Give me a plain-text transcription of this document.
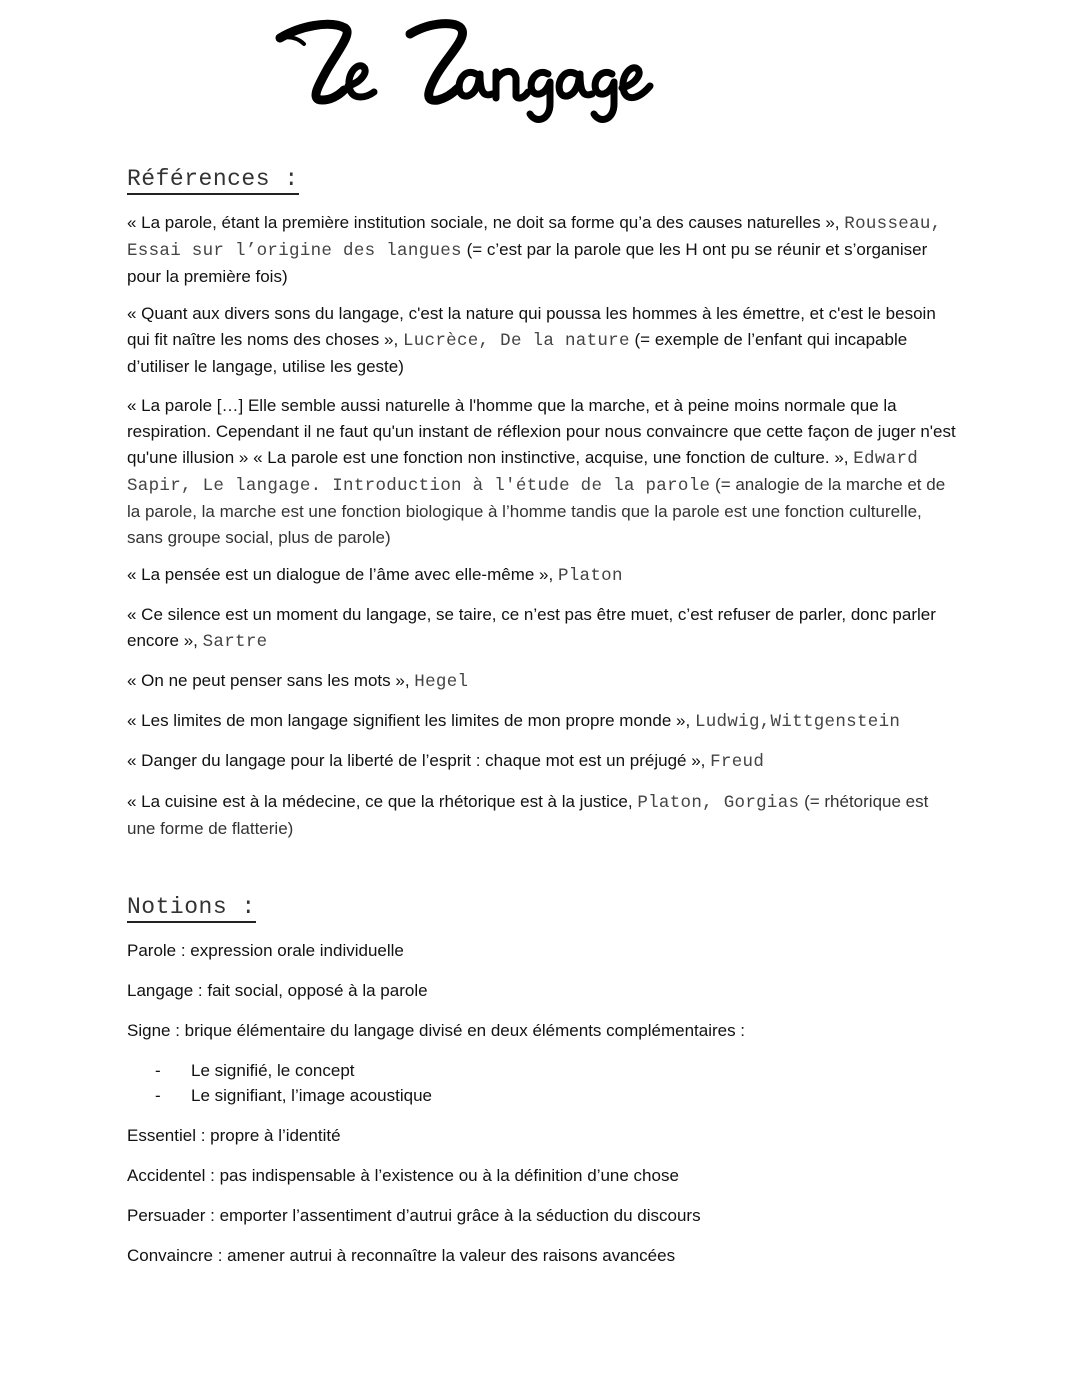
Références :

« La parole, étant la première institution sociale, ne doit sa forme qu’a des causes naturelles », Rousseau, Essai sur l’origine des langues (= c’est par la parole que les H ont pu se réunir et s’organiser pour la première fois)

« Quant aux divers sons du langage, c'est la nature qui poussa les hommes à les émettre, et c'est le besoin qui fit naître les noms des choses », Lucrèce, De la nature (= exemple de l’enfant qui incapable d’utiliser le langage, utilise les geste)

« La parole […] Elle semble aussi naturelle à l'homme que la marche, et à peine moins normale que la respiration. Cependant il ne faut qu'un instant de réflexion pour nous convaincre que cette façon de juger n'est qu'une illusion » « La parole est une fonction non instinctive, acquise, une fonction de culture. », Edward Sapir, Le langage. Introduction à l'étude de la parole (= analogie de la marche et de la parole, la marche est une fonction biologique à l’homme tandis que la parole est une fonction culturelle, sans groupe social, plus de parole)

« La pensée est un dialogue de l’âme avec elle-même », Platon

« Ce silence est un moment du langage, se taire, ce n’est pas être muet, c’est refuser de parler, donc parler encore », Sartre

« On ne peut penser sans les mots », Hegel

« Les limites de mon langage signifient les limites de mon propre monde », Ludwig,Wittgenstein

« Danger du langage pour la liberté de l’esprit : chaque mot est un préjugé », Freud

« La cuisine est à la médecine, ce que la rhétorique est à la justice, Platon, Gorgias (= rhétorique est une forme de flatterie)

Notions :

Parole : expression orale individuelle

Langage : fait social, opposé à la parole

Signe : brique élémentaire du langage divisé en deux éléments complémentaires :

- Le signifié, le concept
- Le signifiant, l’image acoustique

Essentiel : propre à l’identité

Accidentel : pas indispensable à l’existence ou à la définition d’une chose

Persuader : emporter l’assentiment d’autrui grâce à la séduction du discours

Convaincre : amener autrui à reconnaître la valeur des raisons avancées
